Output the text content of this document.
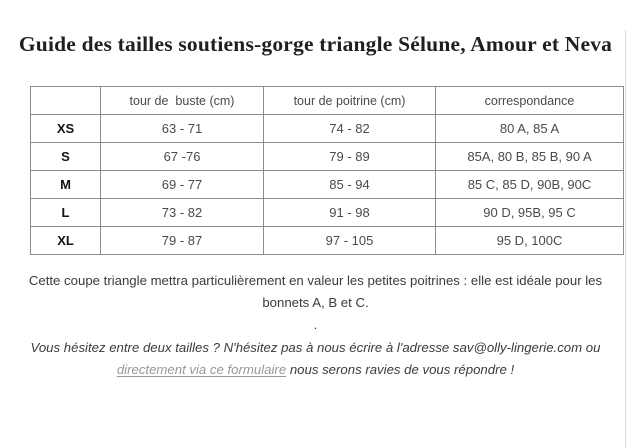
Guide des tailles soutiens-gorge triangle Sélune, Amour et Neva
	tour de  buste (cm)	tour de poitrine (cm)	correspondance
XS	63 - 71	74 - 82	80 A, 85 A
S	67 -76	79 - 89	85A, 80 B, 85 B, 90 A
M	69 - 77	85 - 94	85 C, 85 D, 90B, 90C
L	73 - 82	91 - 98	90 D, 95B, 95 C
XL	79 - 87	97 - 105	95 D, 100C

Cette coupe triangle mettra particulièrement en valeur les petites poitrines : elle est idéale pour les bonnets A, B et C.

.

Vous hésitez entre deux tailles ? N'hésitez pas à nous écrire à l'adresse sav@olly-lingerie.com ou directement via ce formulaire nous serons ravies de vous répondre !
